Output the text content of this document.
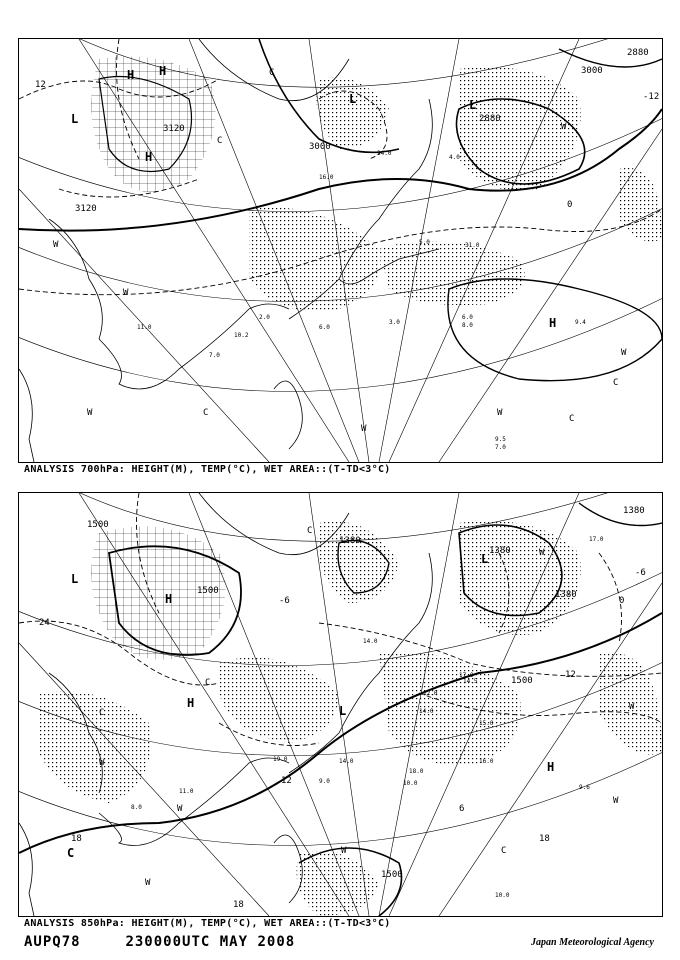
H
H
H
L
L	L
H
W
W
W	W
W
W
W
C
C
C
C
C
3000
3000
2880
2880
3120
3120
12
0
-12
16.0
2.0
5.0
6.0
10.2
11.0
9.4
3.0	8.0
7.0
9.5
7.0
24.0
4.0
31.0
6.0
ANALYSIS 700hPa: HEIGHT(M), TEMP(°C), WET AREA::(T-TD<3°C)
L
L
L
H
H
H
W
W
W
W
W
W
W
C
C
C
C
C
1500
1500
1500
1500
1380
1380
1380
1380
24
18	18
18
12
12
6
0
-6
-6
19.0
14.0
17.0
9.0
11.0
14.0
15.0
10.0
18.0
9.6
17.0
14.5
14.0
16.0
10.0
12.0
8.0
ANALYSIS 850hPa: HEIGHT(M), TEMP(°C), WET AREA::(T-TD<3°C)
AUPQ78	230000UTC MAY 2008	Japan Meteorological Agency
